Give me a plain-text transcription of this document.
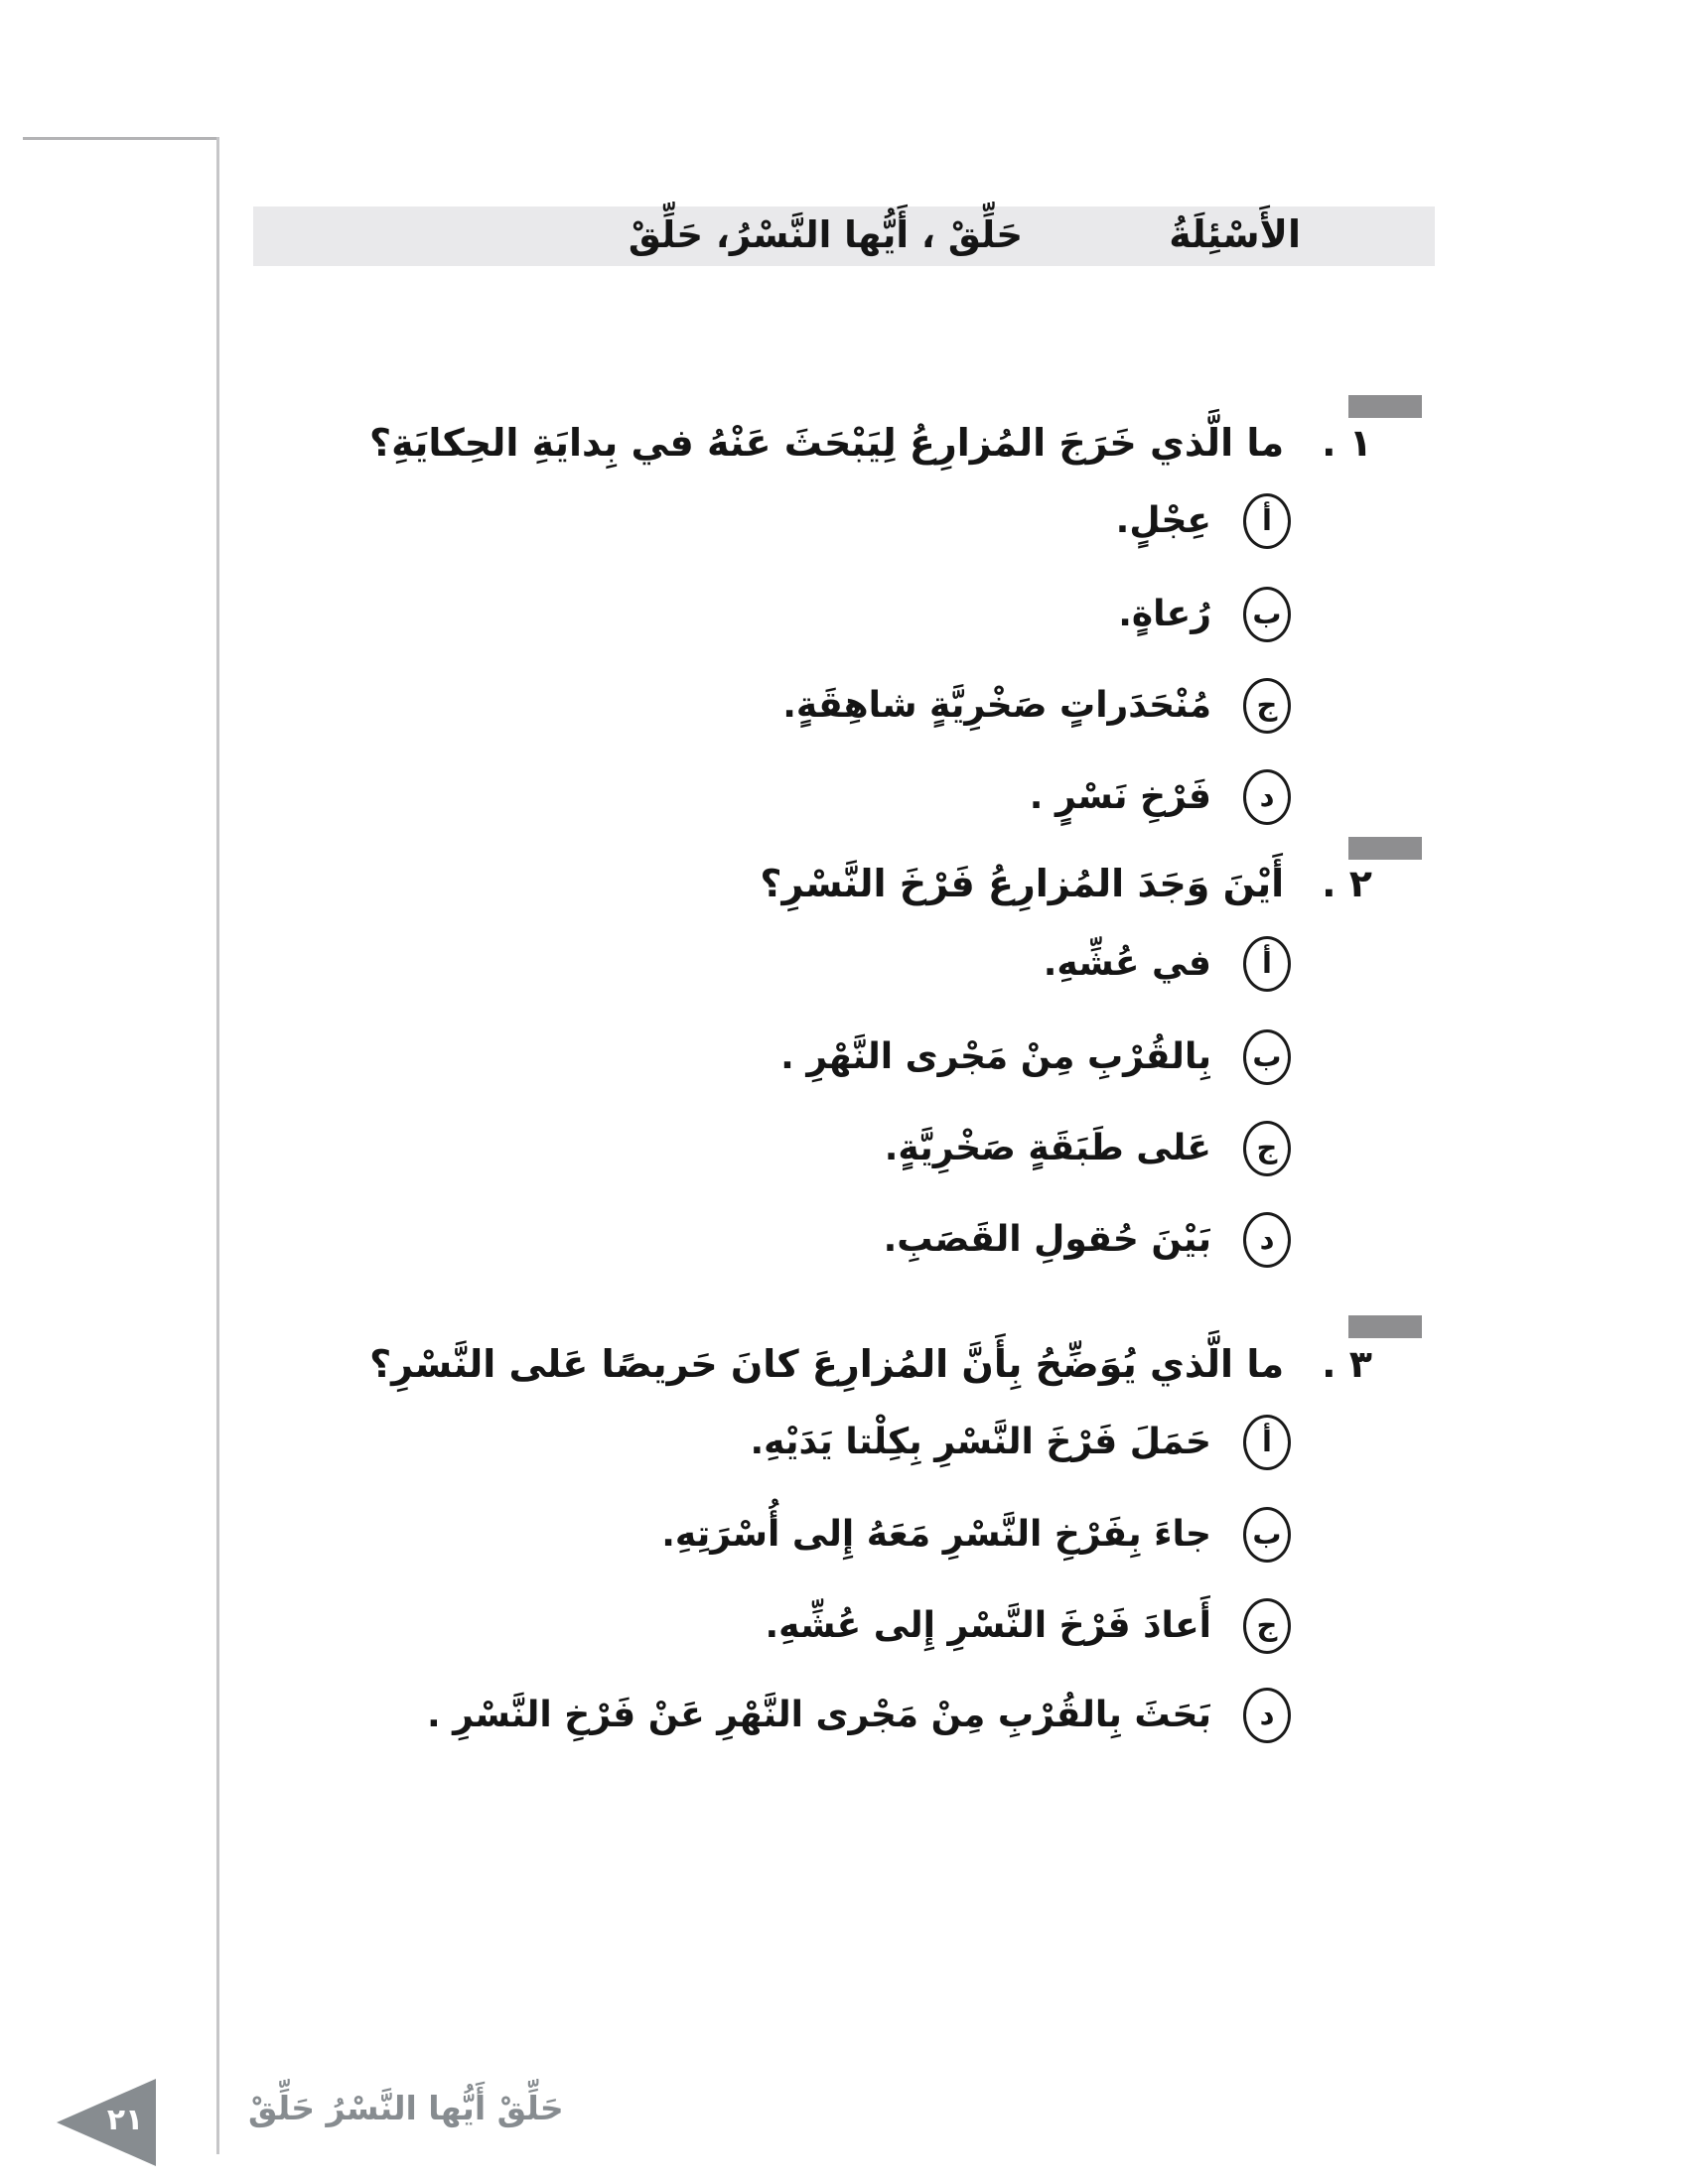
الأَسْئِلَةُ
حَلِّقْ ، أَيُّها النَّسْرُ، حَلِّقْ
١ .
ما الَّذي خَرَجَ المُزارِعُ لِيَبْحَثَ عَنْهُ في بِدايَةِ الحِكايَةِ؟
أ
عِجْلٍ.
ب
رُعاةٍ.
ج
مُنْحَدَراتٍ صَخْرِيَّةٍ شاهِقَةٍ.
د
فَرْخِ نَسْرٍ .
٢ .
أَيْنَ وَجَدَ المُزارِعُ فَرْخَ النَّسْرِ؟
أ
في عُشِّهِ.
ب
بِالقُرْبِ مِنْ مَجْرى النَّهْرِ .
ج
عَلى طَبَقَةٍ صَخْرِيَّةٍ.
د
بَيْنَ حُقولِ القَصَبِ.
٣ .
ما الَّذي يُوَضِّحُ بِأَنَّ المُزارِعَ كانَ حَريصًا عَلى النَّسْرِ؟
أ
حَمَلَ فَرْخَ النَّسْرِ بِكِلْتا يَدَيْهِ.
ب
جاءَ بِفَرْخِ النَّسْرِ مَعَهُ إِلى أُسْرَتِهِ.
ج
أَعادَ فَرْخَ النَّسْرِ إِلى عُشِّهِ.
د
بَحَثَ بِالقُرْبِ مِنْ مَجْرى النَّهْرِ عَنْ فَرْخِ النَّسْرِ .
٢١	حَلِّقْ أَيُّها النَّسْرُ حَلِّقْ
